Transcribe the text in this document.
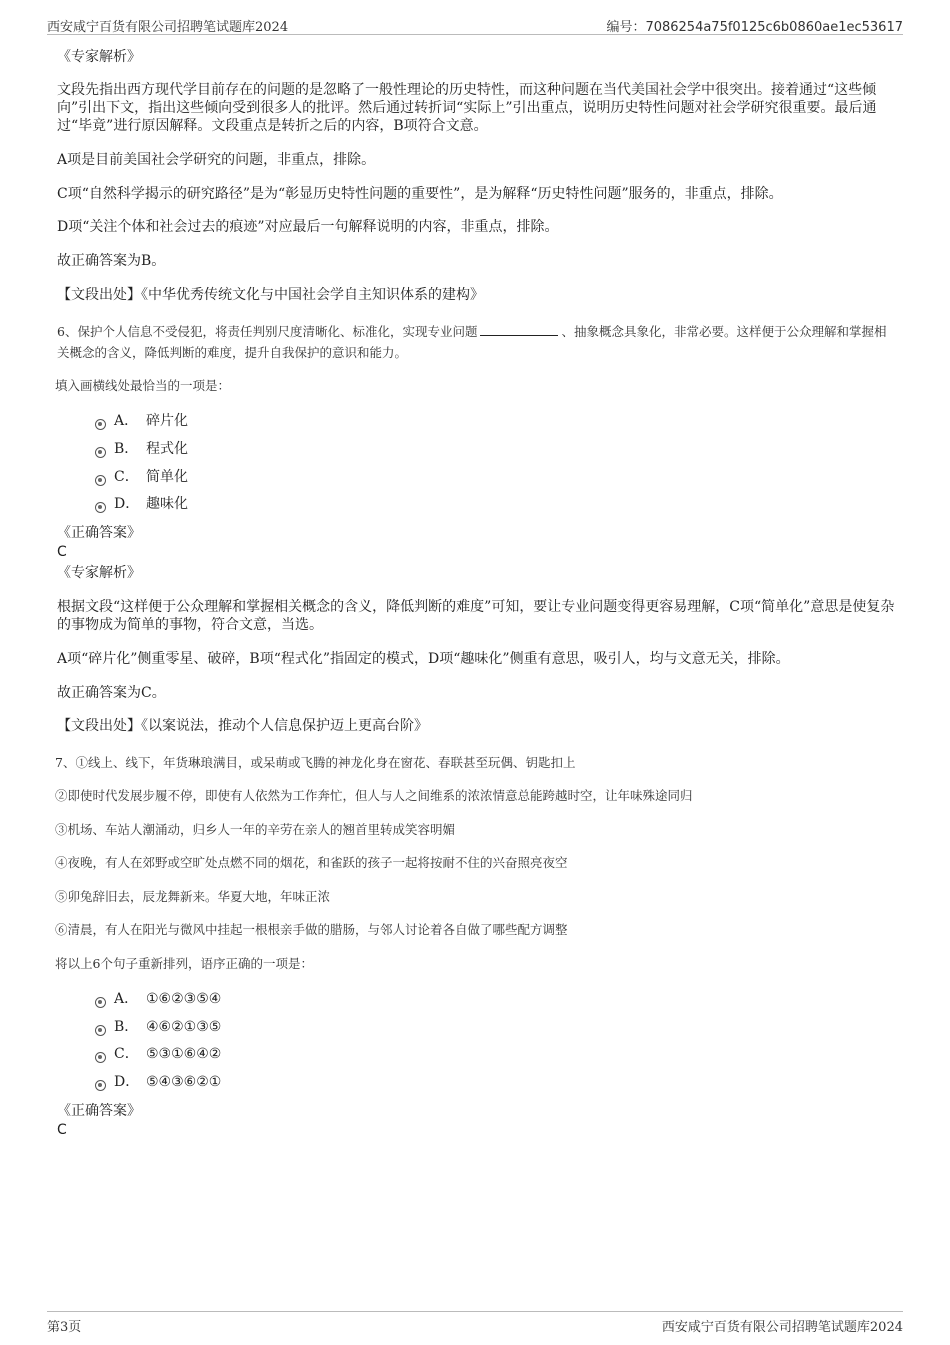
西安咸宁百货有限公司招聘笔试题库2024	编号：7086254a75f0125c6b0860ae1ec53617
《专家解析》
文段先指出西方现代学目前存在的问题的是忽略了一般性理论的历史特性，而这种问题在当代美国社会学中很突出。接着通过“这些倾向”引出下文，指出这些倾向受到很多人的批评。然后通过转折词“实际上”引出重点，说明历史特性问题对社会学研究很重要。最后通过“毕竟”进行原因解释。文段重点是转折之后的内容，B项符合文意。
A项是目前美国社会学研究的问题，非重点，排除。
C项“自然科学揭示的研究路径”是为“彰显历史特性问题的重要性”，是为解释“历史特性问题”服务的，非重点，排除。
D项“关注个体和社会过去的痕迹”对应最后一句解释说明的内容，非重点，排除。
故正确答案为B。
【文段出处】《中华优秀传统文化与中国社会学自主知识体系的建构》
6、保护个人信息不受侵犯，将责任判别尺度清晰化、标准化，实现专业问题	、抽象概念具象化，非常必要。这样便于公众理解和掌握相关概念的含义，降低判断的难度，提升自我保护的意识和能力。
填入画横线处最恰当的一项是：
A． 碎片化
B． 程式化
C． 简单化
D． 趣味化
《正确答案》
C
《专家解析》
根据文段“这样便于公众理解和掌握相关概念的含义，降低判断的难度”可知，要让专业问题变得更容易理解，C项“简单化”意思是使复杂的事物成为简单的事物，符合文意，当选。
A项“碎片化”侧重零星、破碎，B项“程式化”指固定的模式，D项“趣味化”侧重有意思，吸引人，均与文意无关，排除。
故正确答案为C。
【文段出处】《以案说法，推动个人信息保护迈上更高台阶》
7、①线上、线下，年货琳琅满目，或呆萌或飞腾的神龙化身在窗花、春联甚至玩偶、钥匙扣上
②即使时代发展步履不停，即使有人依然为工作奔忙，但人与人之间维系的浓浓情意总能跨越时空，让年味殊途同归
③机场、车站人潮涌动，归乡人一年的辛劳在亲人的翘首里转成笑容明媚
④夜晚，有人在郊野或空旷处点燃不同的烟花，和雀跃的孩子一起将按耐不住的兴奋照亮夜空
⑤卯兔辞旧去，辰龙舞新来。华夏大地，年味正浓
⑥清晨，有人在阳光与微风中挂起一根根亲手做的腊肠，与邻人讨论着各自做了哪些配方调整
将以上6个句子重新排列，语序正确的一项是：
A． ①⑥②③⑤④
B． ④⑥②①③⑤
C． ⑤③①⑥④②
D． ⑤④③⑥②①
《正确答案》
C
第3页	西安咸宁百货有限公司招聘笔试题库2024
